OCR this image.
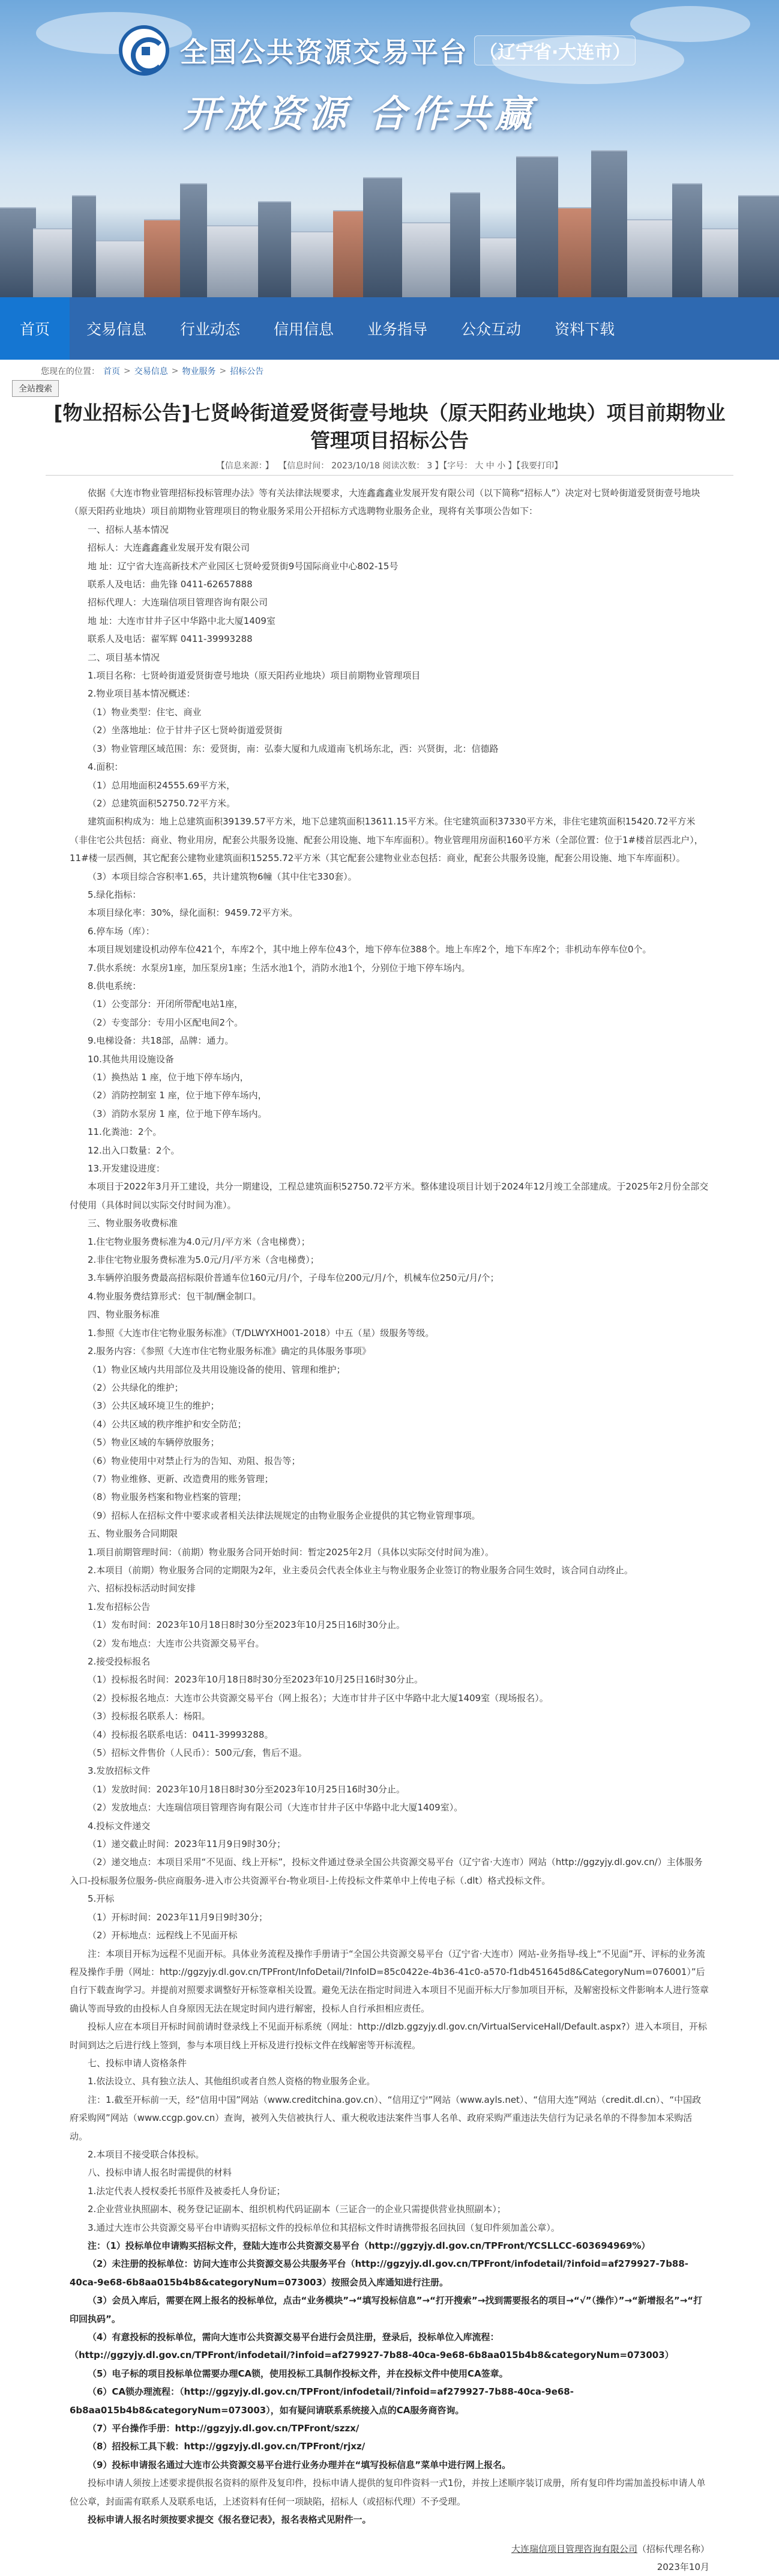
全国公共资源交易平台 （辽宁省·大连市）
开放资源 合作共赢
首页	交易信息	行业动态	信用信息	业务指导	公众互动	资料下载
您现在的位置： 首页 > 交易信息 > 物业服务 > 招标公告
全站搜索
[物业招标公告]七贤岭街道爱贤街壹号地块（原天阳药业地块）项目前期物业管理项目招标公告
【信息来源： 】 【信息时间： 2023/10/18 阅读次数： 3 】【字号： 大 中 小 】【我要打印】

依据《大连市物业管理招标投标管理办法》等有关法律法规要求，大连鑫鑫鑫业发展开发有限公司（以下简称“招标人”）决定对七贤岭街道爱贤街壹号地块（原天阳药业地块）项目前期物业管理项目的物业服务采用公开招标方式选聘物业服务企业，现将有关事项公告如下：

一、招标人基本情况

招标人：大连鑫鑫鑫业发展开发有限公司

地 址：辽宁省大连高新技术产业园区七贤岭爱贤街9号国际商业中心802-15号

联系人及电话：曲先锋 0411-62657888

招标代理人：大连瑞信项目管理咨询有限公司

地 址：大连市甘井子区中华路中北大厦1409室

联系人及电话：翟军辉 0411-39993288

二、项目基本情况

1.项目名称：七贤岭街道爱贤街壹号地块（原天阳药业地块）项目前期物业管理项目

2.物业项目基本情况概述：

（1）物业类型：住宅、商业

（2）坐落地址：位于甘井子区七贤岭街道爱贤街

（3）物业管理区域范围：东：爱贤街，南：弘泰大厦和九成道南飞机场东北，西：兴贤街，北：信德路

4.面积：

（1）总用地面积24555.69平方米，

（2）总建筑面积52750.72平方米。

建筑面积构成为：地上总建筑面积39139.57平方米，地下总建筑面积13611.15平方米。住宅建筑面积37330平方米，非住宅建筑面积15420.72平方米（非住宅公共包括：商业、物业用房，配套公共服务设施、配套公用设施、地下车库面积）。物业管理用房面积160平方米（全部位置：位于1#楼首层西北户），11#楼一层西侧，其它配套公建物业建筑面积15255.72平方米（其它配套公建物业业态包括：商业，配套公共服务设施，配套公用设施、地下车库面积）。

（3）本项目综合容积率1.65，共计建筑物6幢（其中住宅330套）。

5.绿化指标：

本项目绿化率：30%，绿化面积：9459.72平方米。

6.停车场（库）：

本项目规划建设机动停车位421个，车库2个，其中地上停车位43个，地下停车位388个。地上车库2个，地下车库2个；非机动车停车位0个。

7.供水系统：水泵房1座，加压泵房1座；生活水池1个，消防水池1个，分别位于地下停车场内。

8.供电系统：

（1）公变部分：开闭所带配电站1座，

（2）专变部分：专用小区配电间2个。

9.电梯设备：共18部，品牌：通力。

10.其他共用设施设备

（1）换热站 1 座，位于地下停车场内，

（2）消防控制室 1 座，位于地下停车场内，

（3）消防水泵房 1 座，位于地下停车场内。

11.化粪池：2个。

12.出入口数量：2个。

13.开发建设进度：

本项目于2022年3月开工建设，共分一期建设，工程总建筑面积52750.72平方米。整体建设项目计划于2024年12月竣工全部建成。于2025年2月份全部交付使用（具体时间以实际交付时间为准）。

三、物业服务收费标准

1.住宅物业服务费标准为4.0元/月/平方米（含电梯费）；

2.非住宅物业服务费标准为5.0元/月/平方米（含电梯费）；

3.车辆停泊服务费最高招标限价普通车位160元/月/个，子母车位200元/月/个，机械车位250元/月/个；

4.物业服务费结算形式：包干制/酬金制口。

四、物业服务标准

1.参照《大连市住宅物业服务标准》（T/DLWYXH001-2018）中五（星）级服务等级。

2.服务内容：《参照《大连市住宅物业服务标准》确定的具体服务事项》

（1）物业区域内共用部位及共用设施设备的使用、管理和维护；

（2）公共绿化的维护；

（3）公共区域环境卫生的维护；

（4）公共区域的秩序维护和安全防范；

（5）物业区域的车辆停放服务；

（6）物业使用中对禁止行为的告知、劝阻、报告等；

（7）物业维修、更新、改造费用的账务管理；

（8）物业服务档案和物业档案的管理；

（9）招标人在招标文件中要求或者相关法律法规规定的由物业服务企业提供的其它物业管理事项。

五、物业服务合同期限

1.项目前期管理时间：（前期）物业服务合同开始时间：暂定2025年2月（具体以实际交付时间为准）。

2.本项目（前期）物业服务合同的定期限为2年，业主委员会代表全体业主与物业服务企业签订的物业服务合同生效时，该合同自动终止。

六、招标投标活动时间安排

1.发布招标公告

（1）发布时间：2023年10月18日8时30分至2023年10月25日16时30分止。

（2）发布地点：大连市公共资源交易平台。

2.接受投标报名

（1）投标报名时间：2023年10月18日8时30分至2023年10月25日16时30分止。

（2）投标报名地点：大连市公共资源交易平台（网上报名）；大连市甘井子区中华路中北大厦1409室（现场报名）。

（3）投标报名联系人：杨阳。

（4）投标报名联系电话：0411-39993288。

（5）招标文件售价（人民币）：500元/套，售后不退。

3.发放招标文件

（1）发放时间：2023年10月18日8时30分至2023年10月25日16时30分止。

（2）发放地点：大连瑞信项目管理咨询有限公司（大连市甘井子区中华路中北大厦1409室）。

4.投标文件递交

（1）递交截止时间：2023年11月9日9时30分；

（2）递交地点：本项目采用“不见面、线上开标”，投标文件通过登录全国公共资源交易平台（辽宁省·大连市）网站（http://ggzyjy.dl.gov.cn/）主体服务入口-投标服务位服务-供应商服务-进入市公共资源平台-物业项目-上传投标文件菜单中上传电子标（.dlt）格式投标文件。

5.开标

（1）开标时间：2023年11月9日9时30分；

（2）开标地点：远程线上不见面开标

注：本项目开标为远程不见面开标。具体业务流程及操作手册请于“全国公共资源交易平台（辽宁省·大连市）网站-业务指导-线上“不见面”开、评标的业务流程及操作手册（网址：http://ggzyjy.dl.gov.cn/TPFront/InfoDetail/?InfoID=85c0422e-4b36-41c0-a570-f1db451645d8&CategoryNum=076001）”后自行下载查询学习。并提前对照要求调整好开标签章相关设置。避免无法在指定时间进入本项目不见面开标大厅参加项目开标，及解密投标文件影响本人进行签章确认等而导致的由投标人自身原因无法在规定时间内进行解密，投标人自行承担相应责任。

投标人应在本项目开标时间前请时登录线上不见面开标系统（网址：http://dlzb.ggzyjy.dl.gov.cn/VirtualServiceHall/Default.aspx?）进入本项目，开标时间到达之后进行线上签到，参与本项目线上开标及进行投标文件在线解密等开标流程。

七、投标申请人资格条件

1.依法设立、具有独立法人、其他组织或者自然人资格的物业服务企业。

注：1.截至开标前一天，经“信用中国”网站（www.creditchina.gov.cn）、“信用辽宁”网站（www.ayls.net）、“信用大连”网站（credit.dl.cn）、“中国政府采购网”网站（www.ccgp.gov.cn）查询，被列入失信被执行人、重大税收违法案件当事人名单、政府采购严重违法失信行为记录名单的不得参加本采购活动。

2.本项目不接受联合体投标。

八、投标申请人报名时需提供的材料

1.法定代表人授权委托书原件及被委托人身份证；

2.企业营业执照副本、税务登记证副本、组织机构代码证副本（三证合一的企业只需提供营业执照副本）；

3.通过大连市公共资源交易平台申请购买招标文件的投标单位和其招标文件时请携带报名回执回（复印件须加盖公章）。

注：（1）投标单位申请购买招标文件，登陆大连市公共资源交易平台（http://ggzyjy.dl.gov.cn/TPFront/YCSLLCC-603694969%）

（2）未注册的投标单位：访问大连市公共资源交易公共服务平台（http://ggzyjy.dl.gov.cn/TPFront/infodetail/?infoid=af279927-7b88-40ca-9e68-6b8aa015b4b8&categoryNum=073003）按照会员入库通知进行注册。

（3）会员入库后，需要在网上报名的投标单位，点击“业务模块”→“填写投标信息”→“打开搜索”→找到需要报名的项目→“√”（操作）”→“新增报名”→“打印回执码”。

（4）有意投标的投标单位，需向大连市公共资源交易平台进行会员注册，登录后，投标单位入库流程：（http://ggzyjy.dl.gov.cn/TPFront/infodetail/?infoid=af279927-7b88-40ca-9e68-6b8aa015b4b8&categoryNum=073003）

（5）电子标的项目投标单位需要办理CA锁，使用投标工具制作投标文件，并在投标文件中使用CA签章。

（6）CA锁办理流程：（http://ggzyjy.dl.gov.cn/TPFront/infodetail/?infoid=af279927-7b88-40ca-9e68-6b8aa015b4b8&categoryNum=073003），如有疑问请联系系统接入点的CA服务商咨询。

（7）平台操作手册：http://ggzyjy.dl.gov.cn/TPFront/szzx/

（8）招投标工具下载：http://ggzyjy.dl.gov.cn/TPFront/rjxz/

（9）投标申请报名通过大连市公共资源交易平台进行业务办理并在“填写投标信息”菜单中进行网上报名。

投标申请人须按上述要求提供报名资料的原件及复印件，投标申请人提供的复印件资料一式1份，并按上述顺序装订成册，所有复印件均需加盖投标申请人单位公章，封面需有联系人及联系电话，上述资料有任何一项缺陷，招标人（或招标代理）不予受理。

投标申请人报名时须按要求提交《报名登记表》，报名表格式见附件一。

大连瑞信项目管理咨询有限公司（招标代理名称）
2023年10月
